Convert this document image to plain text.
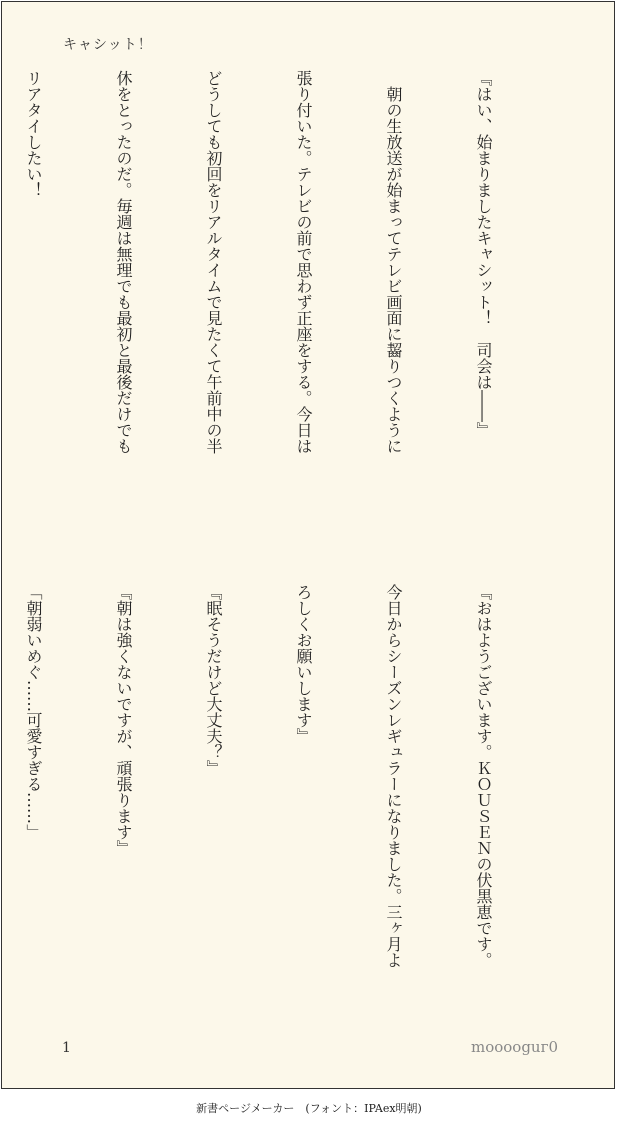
キャシット！

『はい、始まりましたキャシット！　司会は――』

　朝の生放送が始まってテレビ画面に齧りつくように

張り付いた。テレビの前で思わず正座をする。今日は

どうしても初回をリアルタイムで見たくて午前中の半

休をとったのだ。毎週は無理でも最初と最後だけでも

リアタイしたい！

『おはようございます。ＫＯＵＳＥＮの伏黒恵です。

今日からシーズンレギュラーになりました。三ヶ月よ

ろしくお願いします』

『眠そうだけど大丈夫？』

『朝は強くないですが、頑張ります』

「朝弱いめぐ……可愛すぎる……」

1	mooooguг0
新書ページメーカー　(フォント：IPAex明朝)
